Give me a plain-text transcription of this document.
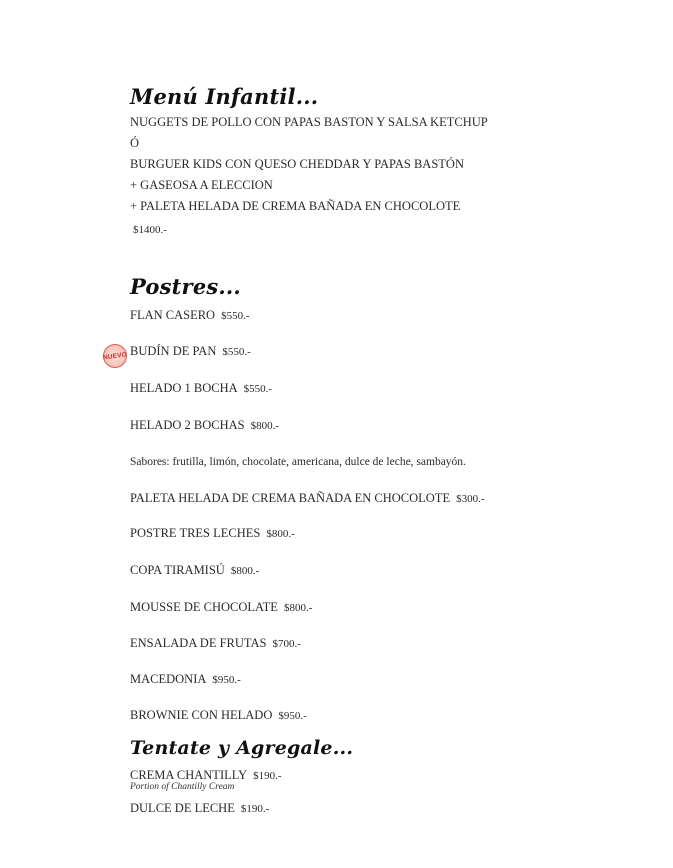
Menú Infantil...
NUGGETS DE POLLO CON PAPAS BASTON Y SALSA KETCHUP
Ó
BURGUER KIDS CON QUESO CHEDDAR Y PAPAS BASTÓN
+ GASEOSA A ELECCION
+ PALETA HELADA DE CREMA BAÑADA EN CHOCOLOTE
$1400.-
Postres...
FLAN CASERO $550.-
NUEVO BUDÍN DE PAN $550.-
HELADO 1 BOCHA $550.-
HELADO 2 BOCHAS $800.-
Sabores: frutilla, limón, chocolate, americana, dulce de leche, sambayón.
PALETA HELADA DE CREMA BAÑADA EN CHOCOLOTE $300.-
POSTRE TRES LECHES $800.-
COPA TIRAMISÚ $800.-
MOUSSE DE CHOCOLATE $800.-
ENSALADA DE FRUTAS $700.-
MACEDONIA $950.-
BROWNIE CON HELADO $950.-
Tentate y Agregale...
CREMA CHANTILLY $190.-
Portion of Chantilly Cream
DULCE DE LECHE $190.-
